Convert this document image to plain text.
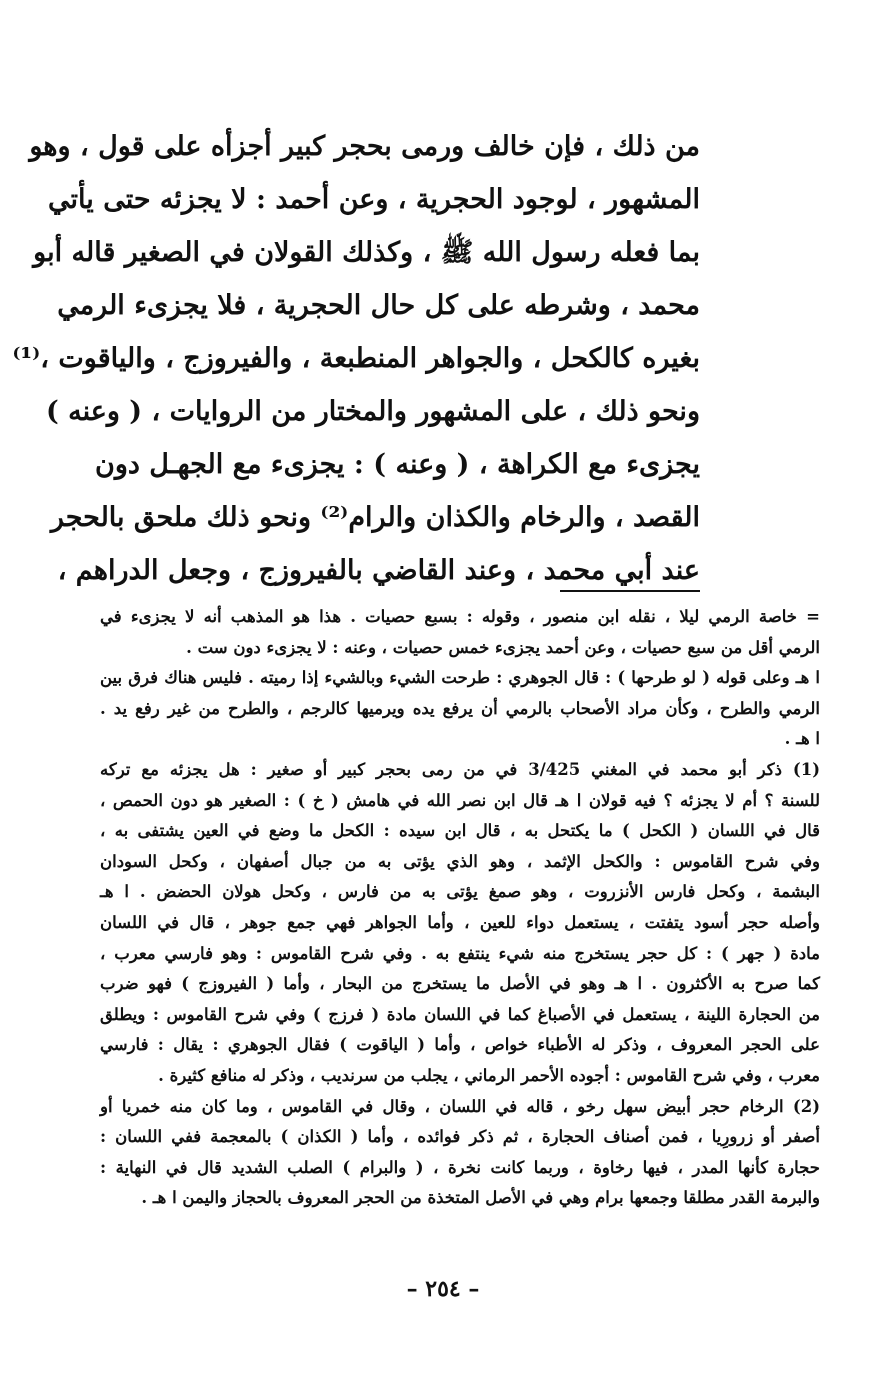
من ذلك ، فإن خالف ورمى بحجر كبير أجزأه على قول ، وهو
المشهور ، لوجود الحجرية ، وعن أحمد : لا يجزئه حتى يأتي
بما فعله رسول الله ﷺ ، وكذلك القولان في الصغير قاله أبو
محمد ، وشرطه على كل حال الحجرية ، فلا يجزىء الرمي
بغيره كالكحل ، والجواهر المنطبعة ، والفيروزج ، والياقوت ،⁽¹⁾
ونحو ذلك ، على المشهور والمختار من الروايات ، ( وعنه )
يجزىء مع الكراهة ، ( وعنه ) : يجزىء مع الجهـل دون
القصد ، والرخام والكذان والرام⁽²⁾ ونحو ذلك ملحق بالحجر
عند أبي محمد ، وعند القاضي بالفيروزج ، وجعل الدراهم ،
= خاصة الرمي ليلا ، نقله ابن منصور ، وقوله : بسبع حصيات . هذا هو المذهب أنه لا يجزىء في
الرمي أقل من سبع حصيات ، وعن أحمد يجزىء خمس حصيات ، وعنه : لا يجزىء دون ست .
ا هـ وعلى قوله ( لو طرحها ) : قال الجوهري : طرحت الشيء وبالشيء إذا رميته . فليس هناك فرق بين
الرمي والطرح ، وكأن مراد الأصحاب بالرمي أن يرفع يده ويرميها كالرجم ، والطرح من غير رفع يد .
ا هـ .
(1) ذكر أبو محمد في المغني 3/425 في من رمى بحجر كبير أو صغير : هل يجزئه مع تركه
للسنة ؟ أم لا يجزئه ؟ فيه قولان ا هـ قال ابن نصر الله في هامش ( خ ) : الصغير هو دون الحمص ،
قال في اللسان ( الكحل ) ما يكتحل به ، قال ابن سيده : الكحل ما وضع في العين يشتفى به ،
وفي شرح القاموس : والكحل الإثمد ، وهو الذي يؤتى به من جبال أصفهان ، وكحل السودان
البشمة ، وكحل فارس الأنزروت ، وهو صمغ يؤتى به من فارس ، وكحل هولان الحضض . ا هـ
وأصله حجر أسود يتفتت ، يستعمل دواء للعين ، وأما الجواهر فهي جمع جوهر ، قال في اللسان
مادة ( جهر ) : كل حجر يستخرج منه شيء ينتفع به . وفي شرح القاموس : وهو فارسي معرب ،
كما صرح به الأكثرون . ا هـ وهو في الأصل ما يستخرج من البحار ، وأما ( الفيروزج ) فهو ضرب
من الحجارة اللينة ، يستعمل في الأصباغ كما في اللسان مادة ( فرزج ) وفي شرح القاموس : ويطلق
على الحجر المعروف ، وذكر له الأطباء خواص ، وأما ( الياقوت ) فقال الجوهري : يقال : فارسي
معرب ، وفي شرح القاموس : أجوده الأحمر الرماني ، يجلب من سرنديب ، وذكر له منافع كثيرة .
(2) الرخام حجر أبيض سهل رخو ، قاله في اللسان ، وقال في القاموس ، وما كان منه خمريا أو
أصفر أو زرورِيا ، فمن أصناف الحجارة ، ثم ذكر فوائده ، وأما ( الكذان ) بالمعجمة ففي اللسان :
حجارة كأنها المدر ، فيها رخاوة ، وربما كانت نخرة ، ( والبرام ) الصلب الشديد قال في النهاية :
والبرمة القدر مطلقا وجمعها برام وهي في الأصل المتخذة من الحجر المعروف بالحجاز واليمن ا هـ .
– ٢٥٤ –
